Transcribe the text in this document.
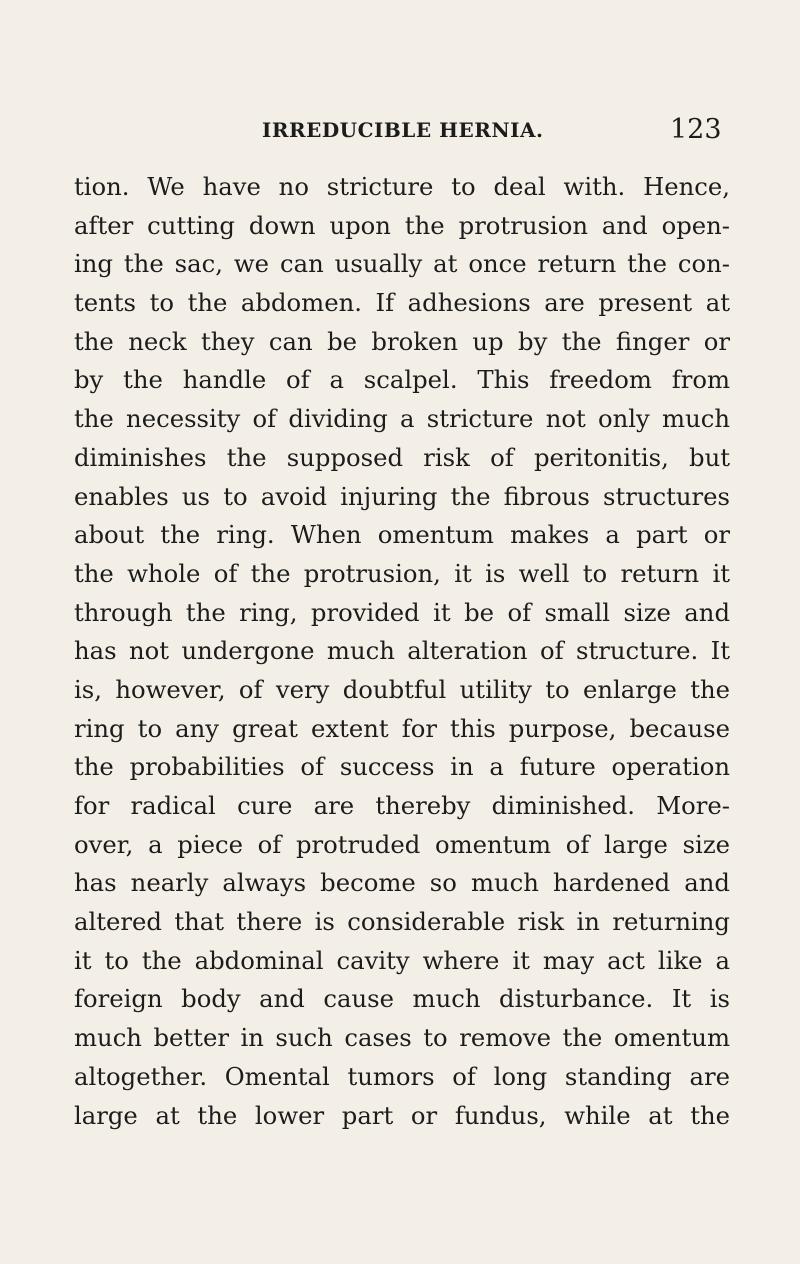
IRREDUCIBLE HERNIA.	123
tion. We have no stricture to deal with. Hence,
after cutting down upon the protrusion and open-
ing the sac, we can usually at once return the con-
tents to the abdomen. If adhesions are present at
the neck they can be broken up by the finger or
by the handle of a scalpel. This freedom from
the necessity of dividing a stricture not only much
diminishes the supposed risk of peritonitis, but
enables us to avoid injuring the fibrous structures
about the ring. When omentum makes a part or
the whole of the protrusion, it is well to return it
through the ring, provided it be of small size and
has not undergone much alteration of structure. It
is, however, of very doubtful utility to enlarge the
ring to any great extent for this purpose, because
the probabilities of success in a future operation
for radical cure are thereby diminished. More-
over, a piece of protruded omentum of large size
has nearly always become so much hardened and
altered that there is considerable risk in returning
it to the abdominal cavity where it may act like a
foreign body and cause much disturbance. It is
much better in such cases to remove the omentum
altogether. Omental tumors of long standing are
large at the lower part or fundus, while at the
